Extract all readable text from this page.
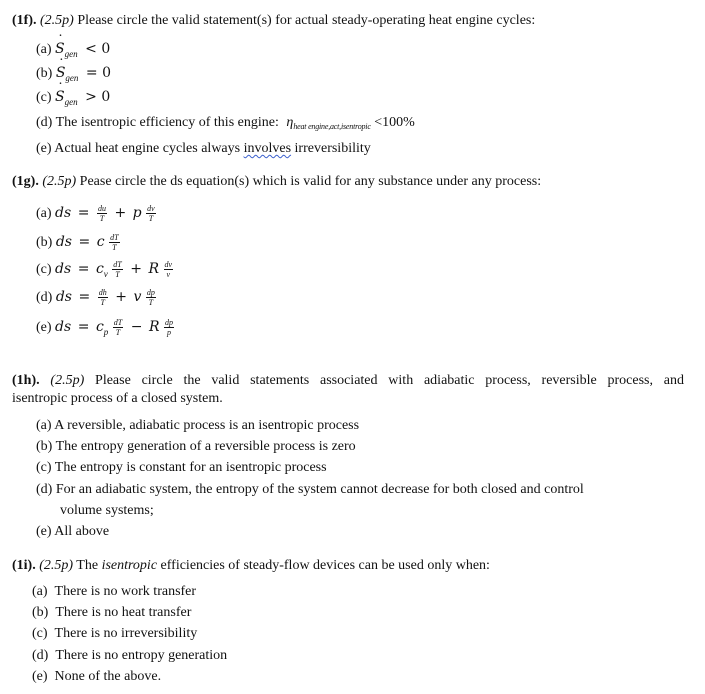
(1f). (2.5p) Please circle the valid statement(s) for actual steady-operating heat engine cycles:
(a) ˙ $S_{gen} < 0$
(b) ˙ $S_{gen} = 0$
(c) ˙ $S_{gen} > 0$
(d) The isentropic efficiency of this engine: $\eta_{heat engine,act,isentropic} <100\%$
(e) Actual heat engine cycles always involves irreversibility
(1g). (2.5p) Pease circle the ds equation(s) which is valid for any substance under any process:
(a) ds = $\frac{du}{T} + p \frac{dv}{T}$
(b) ds = c $\frac{dT}{T}$
(c) ds = $c_v \frac{dT}{T} + R \frac{dv}{v}$
(d) ds = $\frac{dh}{T} + v \frac{dp}{T}$
(e) ds = $c_p \frac{dT}{T} - R \frac{dp}{p}$
(1h). (2.5p) Please circle the valid statements associated with adiabatic process, reversible process, and
isentropic process of a closed system.
(a) A reversible, adiabatic process is an isentropic process
(b) The entropy generation of a reversible process is zero
(c) The entropy is constant for an isentropic process
(d) For an adiabatic system, the entropy of the system cannot decrease for both closed and control
volume systems;
(e) All above
(1i). (2.5p) The isentropic efficiencies of steady-flow devices can be used only when:
(a) There is no work transfer
(b) There is no heat transfer
(c) There is no irreversibility
(d) There is no entropy generation
(e) None of the above.
